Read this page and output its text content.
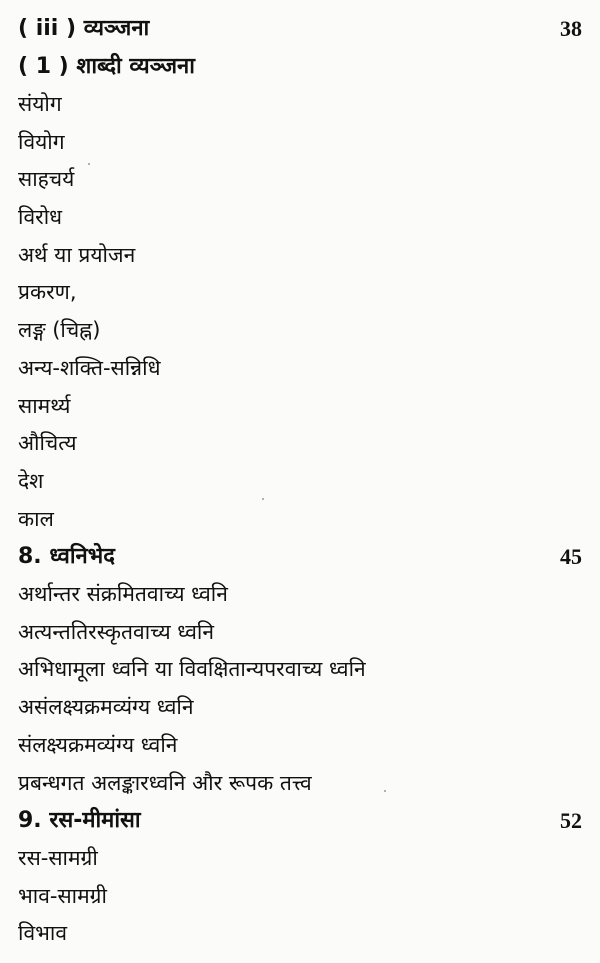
( iii ) व्यञ्जना	38
( 1 ) शाब्दी व्यञ्जना
संयोग
वियोग
साहचर्य
विरोध
अर्थ या प्रयोजन
प्रकरण,
लङ्ग (चिह्न)
अन्य-शक्ति-सन्निधि
सामर्थ्य
औचित्य
देश
काल
8. ध्वनिभेद	45
अर्थान्तर संक्रमितवाच्य ध्वनि
अत्यन्ततिरस्कृतवाच्य ध्वनि
अभिधामूला ध्वनि या विवक्षितान्यपरवाच्य ध्वनि
असंलक्ष्यक्रमव्यंग्य ध्वनि
संलक्ष्यक्रमव्यंग्य ध्वनि
प्रबन्धगत अलङ्कारध्वनि और रूपक तत्त्व
9. रस-मीमांसा	52
रस-सामग्री
भाव-सामग्री
विभाव
